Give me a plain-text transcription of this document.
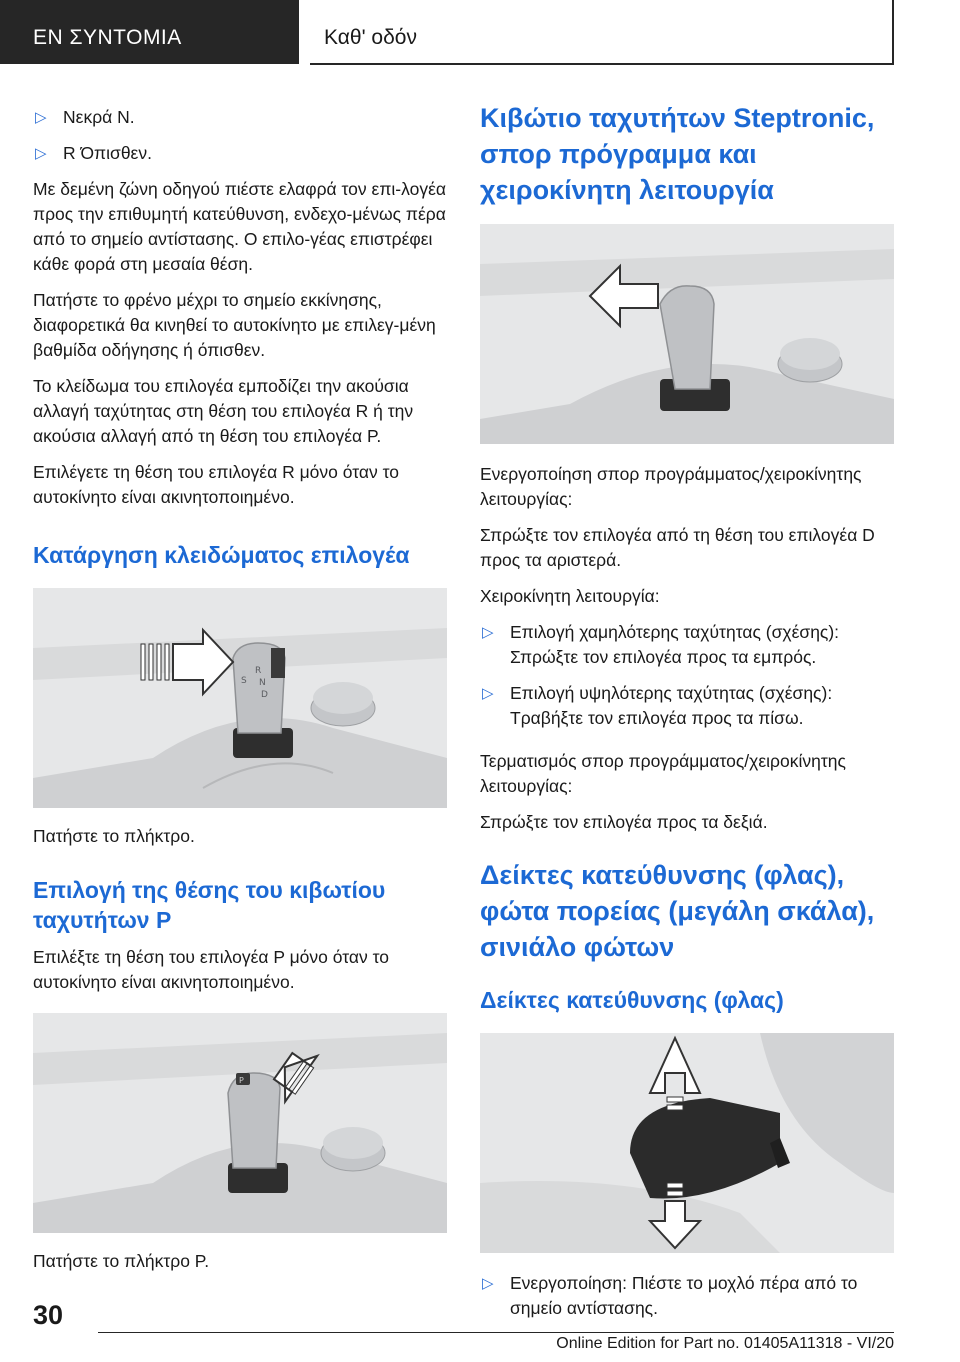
ΕΝ ΣΥΝΤΟΜΙΑ	Καθ' οδόν
▷ Νεκρά N.
▷ R Όπισθεν.

Με δεμένη ζώνη οδηγού πιέστε ελαφρά τον επι-λογέα προς την επιθυμητή κατεύθυνση, ενδεχο-μένως πέρα από το σημείο αντίστασης. Ο επιλο-γέας επιστρέφει κάθε φορά στη μεσαία θέση.

Πατήστε το φρένο μέχρι το σημείο εκκίνησης, διαφορετικά θα κινηθεί το αυτοκίνητο με επιλεγ-μένη βαθμίδα οδήγησης ή όπισθεν.

Το κλείδωμα του επιλογέα εμποδίζει την ακούσια αλλαγή ταχύτητας στη θέση του επιλογέα R ή την ακούσια αλλαγή από τη θέση του επιλογέα P.

Επιλέγετε τη θέση του επιλογέα R μόνο όταν το αυτοκίνητο είναι ακινητοποιημένο.

Κατάργηση κλειδώματος επιλογέα
S
R
N
D

Πατήστε το πλήκτρο.

Επιλογή της θέσης του κιβωτίου ταχυτήτων P

Επιλέξτε τη θέση του επιλογέα P μόνο όταν το αυτοκίνητο είναι ακινητοποιημένο.

P

Πατήστε το πλήκτρο P.

Κιβώτιο ταχυτήτων Steptronic, σπορ πρόγραμμα και χειροκίνητη λειτουργία

Ενεργοποίηση σπορ προγράμματος/χειροκίνητης λειτουργίας:

Σπρώξτε τον επιλογέα από τη θέση του επιλογέα D προς τα αριστερά.

Χειροκίνητη λειτουργία:

▷ Επιλογή χαμηλότερης ταχύτητας (σχέσης):
Σπρώξτε τον επιλογέα προς τα εμπρός.
▷ Επιλογή υψηλότερης ταχύτητας (σχέσης):
Τραβήξτε τον επιλογέα προς τα πίσω.

Τερματισμός σπορ προγράμματος/χειροκίνητης λειτουργίας:

Σπρώξτε τον επιλογέα προς τα δεξιά.

Δείκτες κατεύθυνσης (φλας), φώτα πορείας (μεγάλη σκάλα), σινιάλο φώτων
Δείκτες κατεύθυνσης (φλας)
▷ Ενεργοποίηση: Πιέστε το μοχλό πέρα από το
σημείο αντίστασης.
30
Online Edition for Part no. 01405A11318 - VI/20
